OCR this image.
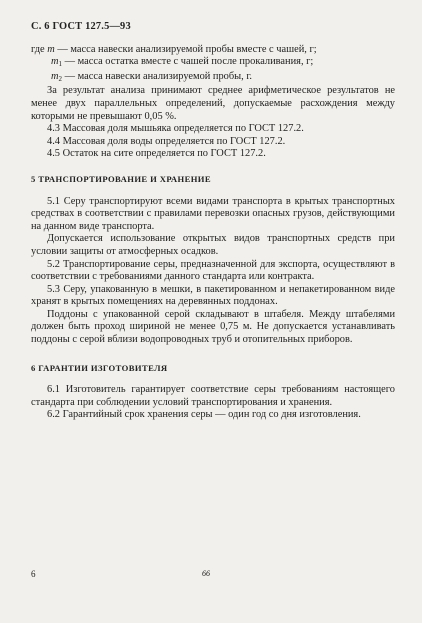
С. 6 ГОСТ 127.5—93
где m — масса навески анализируемой пробы вместе с чашей, г;
$m_1$ — масса остатка вместе с чашей после прокаливания, г;
$m_2$ — масса навески анализируемой пробы, г.

За результат анализа принимают среднее арифметическое результатов не менее двух параллельных определений, допускаемые расхождения между которыми не превышают 0,05 %.

4.3 Массовая доля мышьяка определяется по ГОСТ 127.2.

4.4 Массовая доля воды определяется по ГОСТ 127.2.

4.5 Остаток на сите определяется по ГОСТ 127.2.

5 ТРАНСПОРТИРОВАНИЕ И ХРАНЕНИЕ

5.1 Серу транспортируют всеми видами транспорта в крытых транспортных средствах в соответствии с правилами перевозки опасных грузов, действующими на данном виде транспорта.

Допускается использование открытых видов транспортных средств при условии защиты от атмосферных осадков.

5.2 Транспортирование серы, предназначенной для экспорта, осуществляют в соответствии с требованиями данного стандарта или контракта.

5.3 Серу, упакованную в мешки, в пакетированном и непакетированном виде хранят в крытых помещениях на деревянных поддонах.

Поддоны с упакованной серой складывают в штабеля. Между штабелями должен быть проход шириной не менее 0,75 м. Не допускается устанавливать поддоны с серой вблизи водопроводных труб и отопительных приборов.

6 ГАРАНТИИ ИЗГОТОВИТЕЛЯ

6.1 Изготовитель гарантирует соответствие серы требованиям настоящего стандарта при соблюдении условий транспортирования и хранения.

6.2 Гарантийный срок хранения серы — один год со дня изготовления.

6	66
